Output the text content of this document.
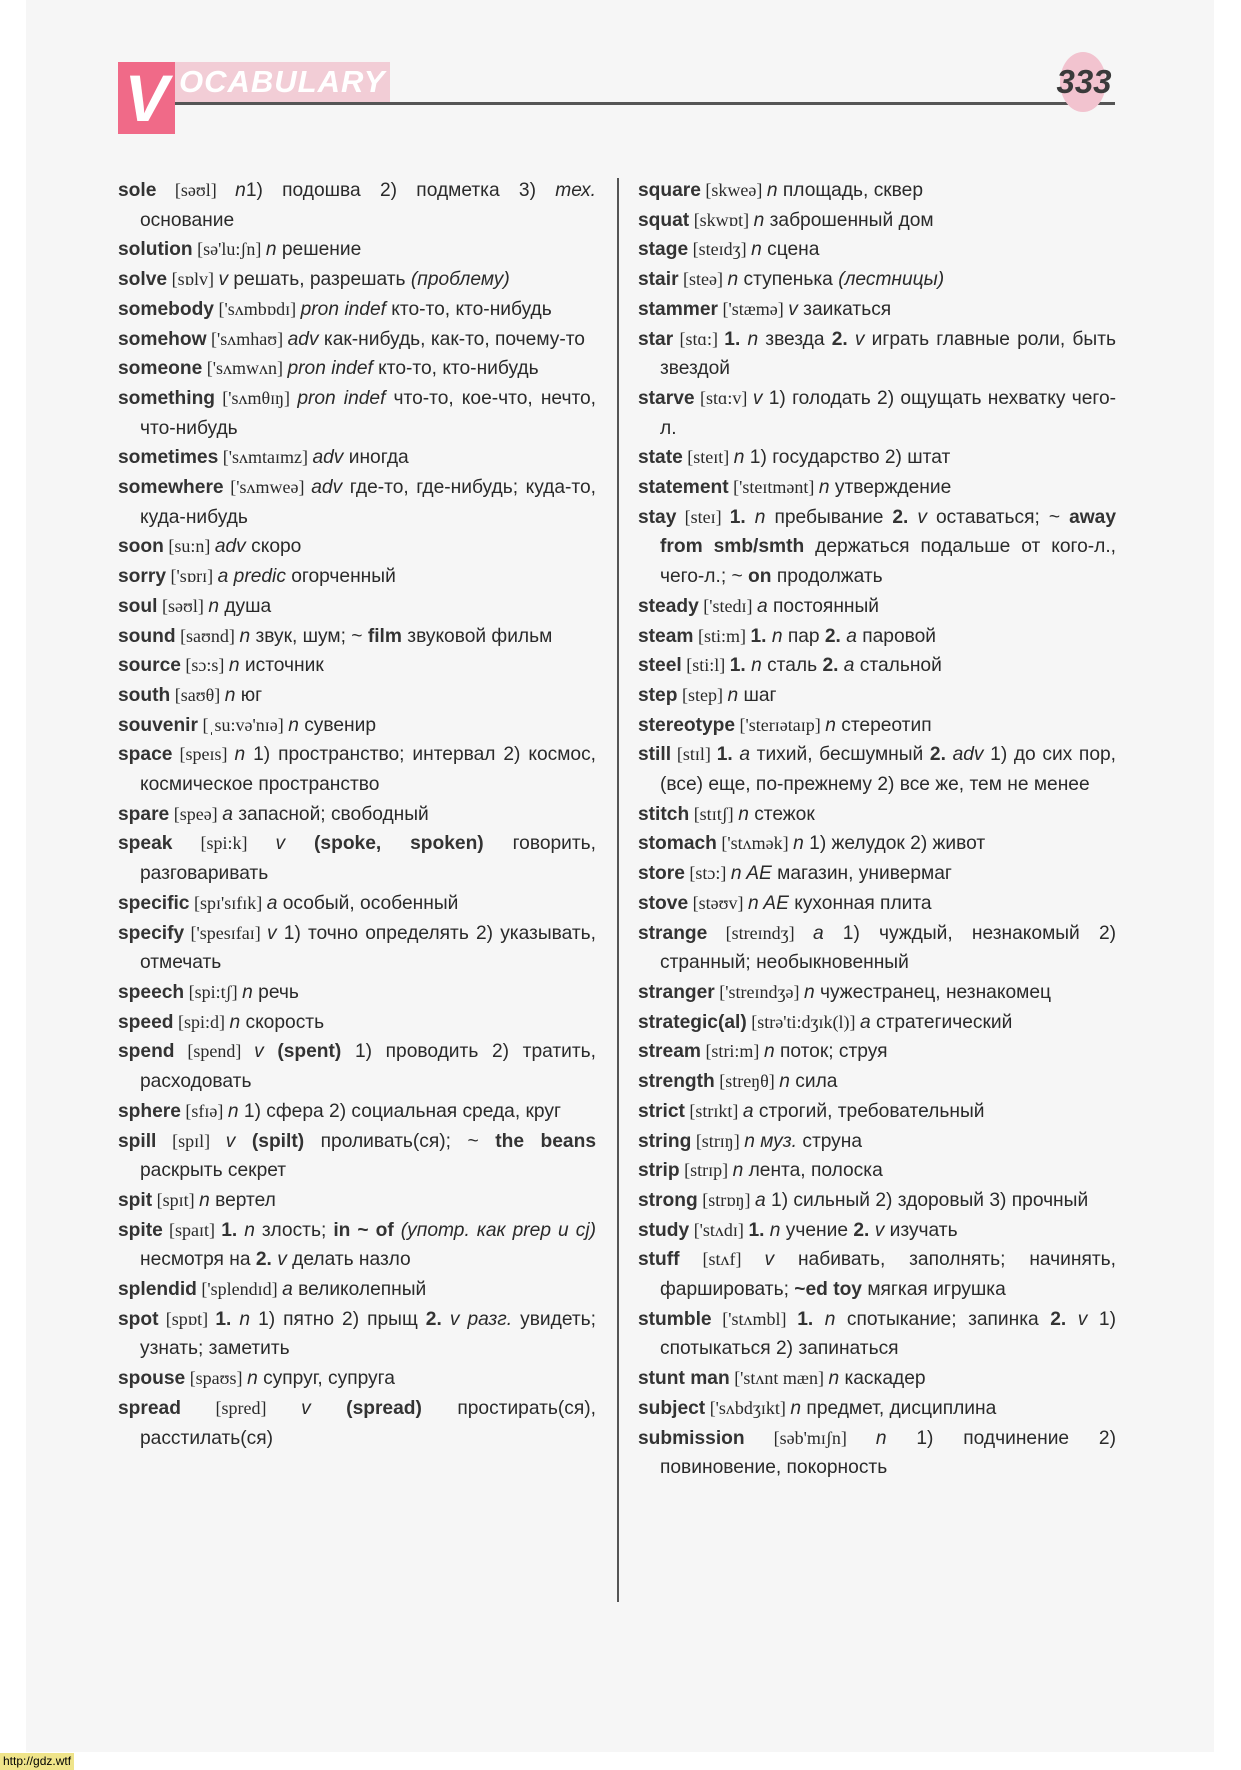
V OCABULARY	333
sole [səʊl] n1) подошва 2) подметка 3) тех. основание
solution [sə'lu:ʃn] n решение
solve [sɒlv] v решать, разрешать (проблему)
somebody ['sʌmbɒdɪ] pron indef кто-то, кто-нибудь
somehow ['sʌmhaʊ] adv как-нибудь, как-то, почему-то
someone ['sʌmwʌn] pron indef кто-то, кто-нибудь
something ['sʌmθɪŋ] pron indef что-то, кое-что, нечто, что-нибудь
sometimes ['sʌmtaɪmz] adv иногда
somewhere ['sʌmweə] adv где-то, где-нибудь; куда-то, куда-нибудь
soon [su:n] adv скоро
sorry ['sɒrɪ] a predic огорченный
soul [səʊl] n душа
sound [saʊnd] n звук, шум; ~ film звуковой фильм
source [sɔ:s] n источник
south [saʊθ] n юг
souvenir [ˌsu:və'nɪə] n сувенир
space [speɪs] n 1) пространство; интервал 2) космос, космическое пространство
spare [speə] a запасной; свободный
speak [spi:k] v (spoke, spoken) говорить, разговаривать
specific [spɪ'sɪfɪk] a особый, особенный
specify ['spesɪfaɪ] v 1) точно определять 2) указывать, отмечать
speech [spi:tʃ] n речь
speed [spi:d] n скорость
spend [spend] v (spent) 1) проводить 2) тратить, расходовать
sphere [sfɪə] n 1) сфера 2) социальная среда, круг
spill [spɪl] v (spilt) проливать(ся); ~ the beans раскрыть секрет
spit [spɪt] n вертел
spite [spaɪt] 1. n злость; in ~ of (употр. как prep и cj) несмотря на 2. v делать назло
splendid ['splendɪd] a великолепный
spot [spɒt] 1. n 1) пятно 2) прыщ 2. v разг. увидеть; узнать; заметить
spouse [spaʊs] n супруг, супруга
spread [spred] v (spread) простирать(ся), расстилать(ся)
square [skweə] n площадь, сквер
squat [skwɒt] n заброшенный дом
stage [steɪdʒ] n сцена
stair [steə] n ступенька (лестницы)
stammer ['stæmə] v заикаться
star [stɑ:] 1. n звезда 2. v играть главные роли, быть звездой
starve [stɑ:v] v 1) голодать 2) ощущать нехватку чего-л.
state [steɪt] n 1) государство 2) штат
statement ['steɪtmənt] n утверждение
stay [steɪ] 1. n пребывание 2. v оставаться; ~ away from smb/smth держаться подальше от кого-л., чего-л.; ~ on продолжать
steady ['stedɪ] a постоянный
steam [sti:m] 1. n пар 2. a паровой
steel [sti:l] 1. n сталь 2. a стальной
step [step] n шаг
stereotype ['sterɪətaɪp] n стереотип
still [stɪl] 1. a тихий, бесшумный 2. adv 1) до сих пор, (все) еще, по-прежнему 2) все же, тем не менее
stitch [stɪtʃ] n стежок
stomach ['stʌmək] n 1) желудок 2) живот
store [stɔ:] n AE магазин, универмаг
stove [stəʊv] n AE кухонная плита
strange [streɪndʒ] a 1) чуждый, незнакомый 2) странный; необыкновенный
stranger ['streɪndʒə] n чужестранец, незнакомец
strategic(al) [strə'ti:dʒɪk(l)] a стратегический
stream [stri:m] n поток; струя
strength [streŋθ] n сила
strict [strɪkt] a строгий, требовательный
string [strɪŋ] n муз. струна
strip [strɪp] n лента, полоска
strong [strɒŋ] a 1) сильный 2) здоровый 3) прочный
study ['stʌdɪ] 1. n учение 2. v изучать
stuff [stʌf] v набивать, заполнять; начинять, фаршировать; ~ed toy мягкая игрушка
stumble ['stʌmbl] 1. n спотыкание; запинка 2. v 1) спотыкаться 2) запинаться
stunt man ['stʌnt mæn] n каскадер
subject ['sʌbdʒɪkt] n предмет, дисциплина
submission [səb'mɪʃn] n 1) подчинение 2) повиновение, покорность
http://gdz.wtf
